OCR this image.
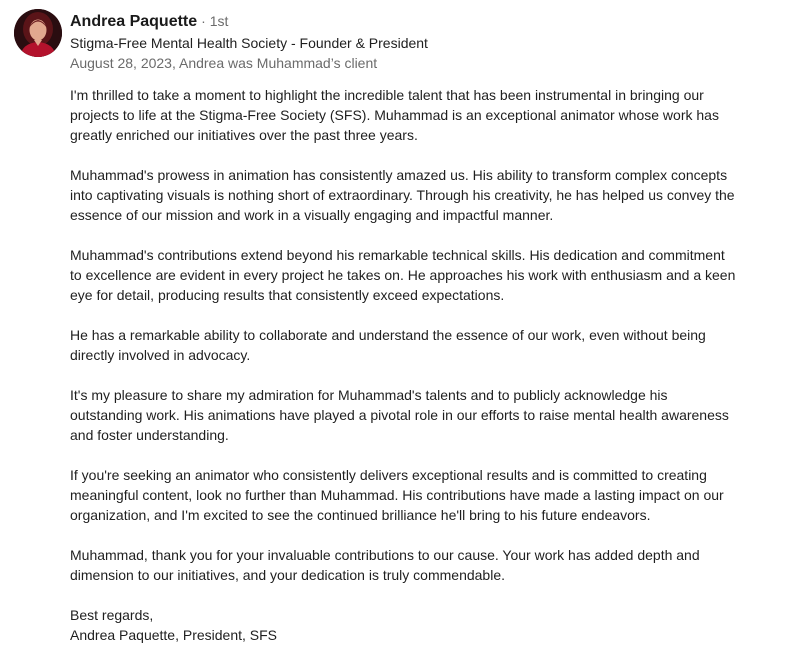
Andrea Paquette · 1st
Stigma-Free Mental Health Society - Founder & President
August 28, 2023, Andrea was Muhammad’s client
I'm thrilled to take a moment to highlight the incredible talent that has been instrumental in bringing our
projects to life at the Stigma-Free Society (SFS). Muhammad is an exceptional animator whose work has
greatly enriched our initiatives over the past three years.
Muhammad's prowess in animation has consistently amazed us. His ability to transform complex concepts
into captivating visuals is nothing short of extraordinary. Through his creativity, he has helped us convey the
essence of our mission and work in a visually engaging and impactful manner.
Muhammad's contributions extend beyond his remarkable technical skills. His dedication and commitment
to excellence are evident in every project he takes on. He approaches his work with enthusiasm and a keen
eye for detail, producing results that consistently exceed expectations.
He has a remarkable ability to collaborate and understand the essence of our work, even without being
directly involved in advocacy.
It's my pleasure to share my admiration for Muhammad's talents and to publicly acknowledge his
outstanding work. His animations have played a pivotal role in our efforts to raise mental health awareness
and foster understanding.
If you're seeking an animator who consistently delivers exceptional results and is committed to creating
meaningful content, look no further than Muhammad. His contributions have made a lasting impact on our
organization, and I'm excited to see the continued brilliance he'll bring to his future endeavors.
Muhammad, thank you for your invaluable contributions to our cause. Your work has added depth and
dimension to our initiatives, and your dedication is truly commendable.
Best regards,
Andrea Paquette, President, SFS
